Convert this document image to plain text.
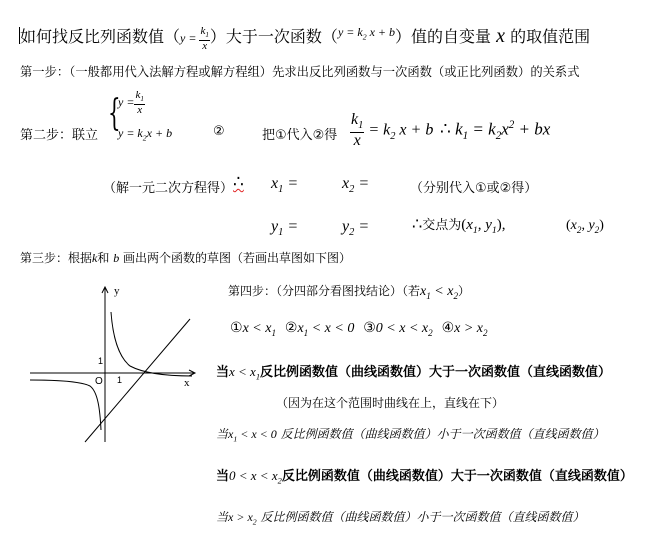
如何找反比列函数值（$y = \frac{k_1}{x}$ ）大于一次函数（$^{y = k_2 x + b}$）值的自变量 x 的取值范围
第一步：（一般都用代入法解方程或解方程组）先求出反比列函数与一次函数（或正比列函数）的关系式
第二步：联立
{
$y = \frac{k_1}{x}$
$y = k_2x + b$	②	把①代入②得 $\frac{k_1}{x} = k_2$ x + b ∴ $k_1 = k_2x^2$ + bx
（解一元二次方程得） ∴ $x_1$ =	$x_2$ =	（分别代入①或②得）
$y_1$ =	$y_2$ =	∴交点为($x_1$, $y_1$),	($x_2$, $y_2$)
第三步：根据k和 b 画出两个函数的草图（若画出草图如下图）
y
x
O
1
1
第四步：（分四部分看图找结论）（若$x_1 < x_2$）
①x < $x_1$ $②x_1 < x < 0$ ③0 < $x < x_2$ ④x > $x_2$
当$x < x_1$反比例函数值（曲线函数值）大于一次函数值（直线函数值）
（因为在这个范围时曲线在上，直线在下）
当$x_1 < x < 0$ 反比例函数值（曲线函数值）小于一次函数值（直线函数值）
当$0 < x < x_2$反比例函数值（曲线函数值）大于一次函数值（直线函数值）
当$x > x_2$ 反比例函数值（曲线函数值）小于一次函数值（直线函数值）
